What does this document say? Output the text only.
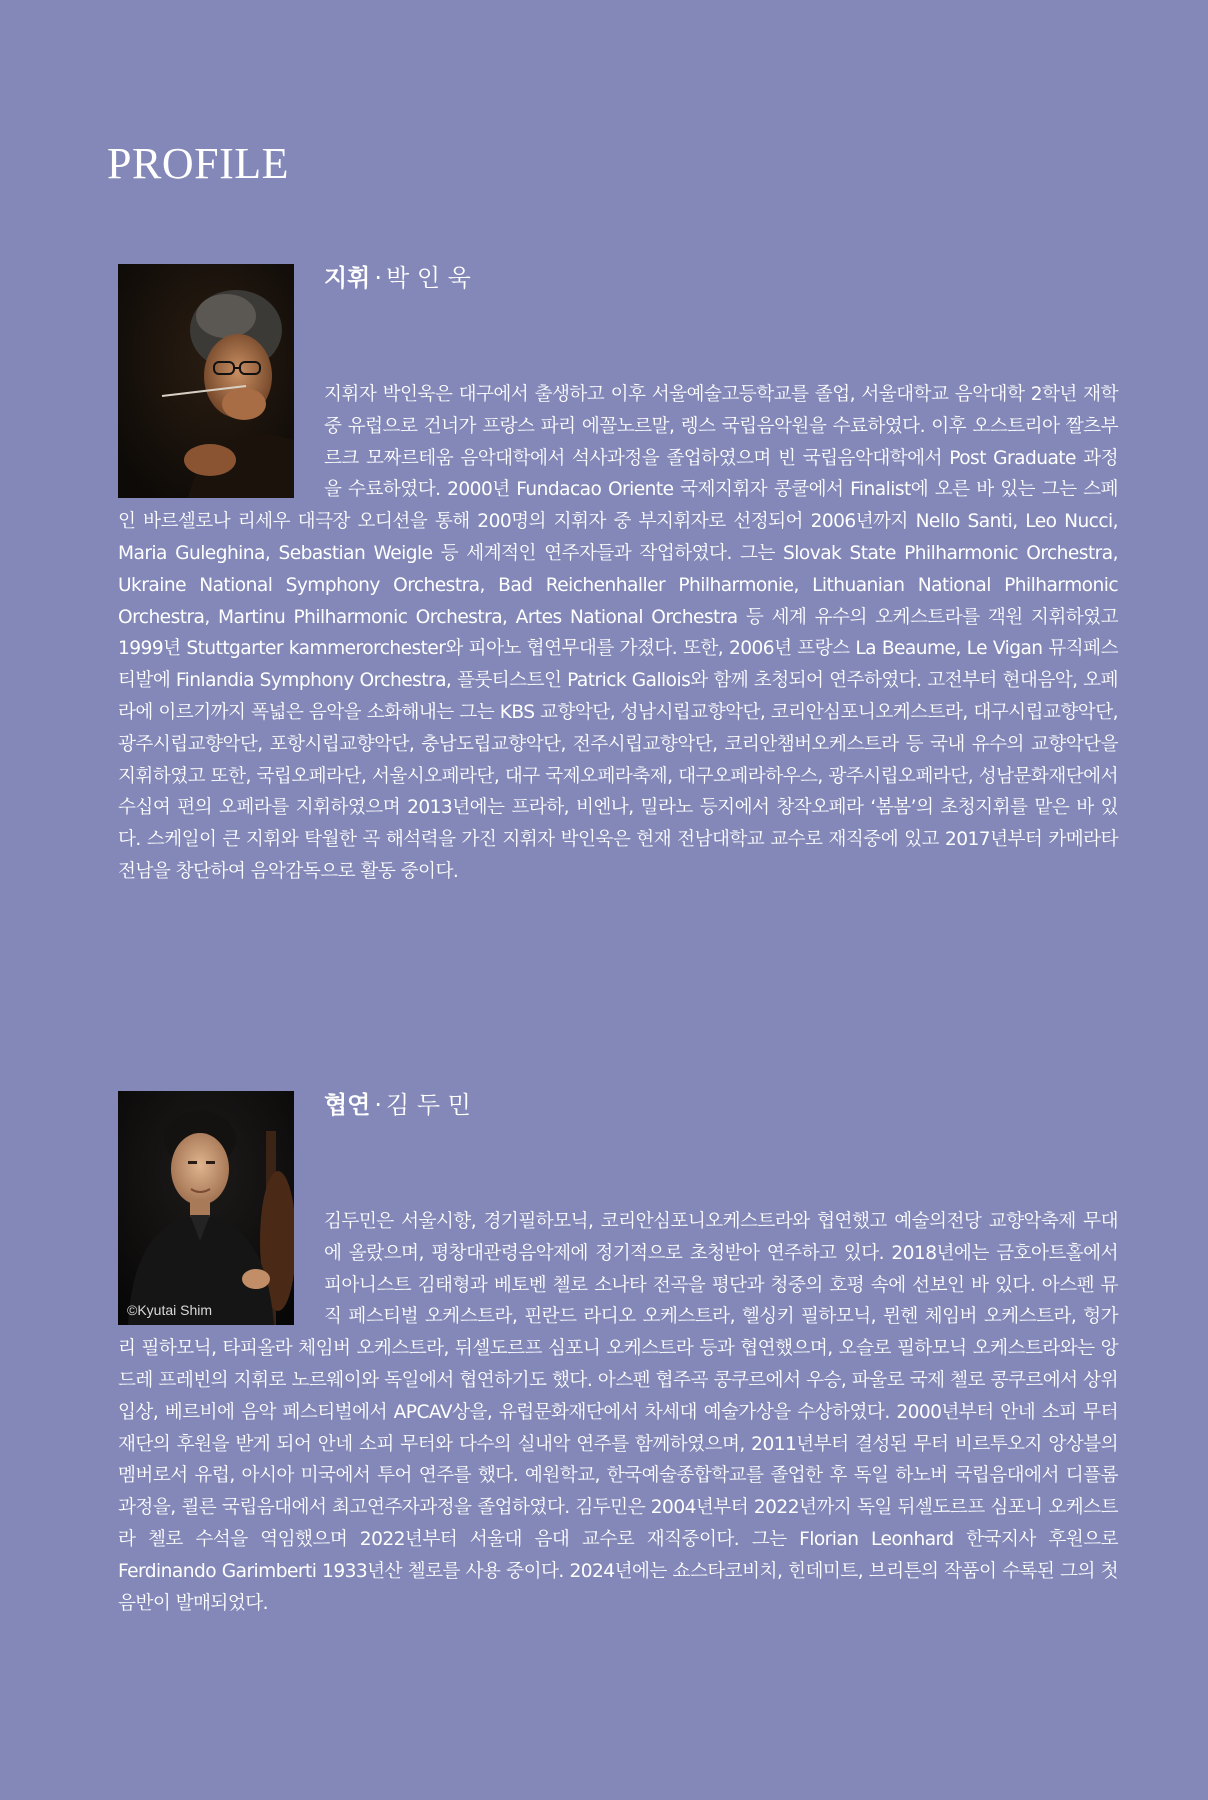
PROFILE
지휘 · 박 인 욱

지휘자 박인욱은 대구에서 출생하고 이후 서울예술고등학교를 졸업, 서울대학교 음악대학 2학년 재학 중 유럽으로 건너가 프랑스 파리 에꼴노르말, 렝스 국립음악원을 수료하였다. 이후 오스트리아 짤츠부르크 모짜르테움 음악대학에서 석사과정을 졸업하였으며 빈 국립음악대학에서 Post Graduate 과정을 수료하였다. 2000년 Fundacao Oriente 국제지휘자 콩쿨에서 Finalist에 오른 바 있는 그는 스페인 바르셀로나 리세우 대극장 오디션을 통해 200명의 지휘자 중 부지휘자로 선정되어 2006년까지 Nello Santi, Leo Nucci, Maria Guleghina, Sebastian Weigle 등 세계적인 연주자들과 작업하였다. 그는 Slovak State Philharmonic Orchestra, Ukraine National Symphony Orchestra, Bad Reichenhaller Philharmonie, Lithuanian National Philharmonic Orchestra, Martinu Philharmonic Orchestra, Artes National Orchestra 등 세계 유수의 오케스트라를 객원 지휘하였고 1999년 Stuttgarter kammerorchester와 피아노 협연무대를 가졌다. 또한, 2006년 프랑스 La Beaume, Le Vigan 뮤직페스티발에 Finlandia Symphony Orchestra, 플룻티스트인 Patrick Gallois와 함께 초청되어 연주하였다. 고전부터 현대음악, 오페라에 이르기까지 폭넓은 음악을 소화해내는 그는 KBS 교향악단, 성남시립교향악단, 코리안심포니오케스트라, 대구시립교향악단, 광주시립교향악단, 포항시립교향악단, 충남도립교향악단, 전주시립교향악단, 코리안챔버오케스트라 등 국내 유수의 교향악단을 지휘하였고 또한, 국립오페라단, 서울시오페라단, 대구 국제오페라축제, 대구오페라하우스, 광주시립오페라단, 성남문화재단에서 수십여 편의 오페라를 지휘하였으며 2013년에는 프라하, 비엔나, 밀라노 등지에서 창작오페라 ‘봄봄’의 초청지휘를 맡은 바 있다. 스케일이 큰 지휘와 탁월한 곡 해석력을 가진 지휘자 박인욱은 현재 전남대학교 교수로 재직중에 있고 2017년부터 카메라타 전남을 창단하여 음악감독으로 활동 중이다.

©Kyutai Shim
협연 · 김 두 민

김두민은 서울시향, 경기필하모닉, 코리안심포니오케스트라와 협연했고 예술의전당 교향악축제 무대에 올랐으며, 평창대관령음악제에 정기적으로 초청받아 연주하고 있다. 2018년에는 금호아트홀에서 피아니스트 김태형과 베토벤 첼로 소나타 전곡을 평단과 청중의 호평 속에 선보인 바 있다. 아스펜 뮤직 페스티벌 오케스트라, 핀란드 라디오 오케스트라, 헬싱키 필하모닉, 뮌헨 체임버 오케스트라, 헝가리 필하모닉, 타피올라 체임버 오케스트라, 뒤셀도르프 심포니 오케스트라 등과 협연했으며, 오슬로 필하모닉 오케스트라와는 앙드레 프레빈의 지휘로 노르웨이와 독일에서 협연하기도 했다. 아스펜 협주곡 콩쿠르에서 우승, 파울로 국제 첼로 콩쿠르에서 상위 입상, 베르비에 음악 페스티벌에서 APCAV상을, 유럽문화재단에서 차세대 예술가상을 수상하였다. 2000년부터 안네 소피 무터 재단의 후원을 받게 되어 안네 소피 무터와 다수의 실내악 연주를 함께하였으며, 2011년부터 결성된 무터 비르투오지 앙상블의 멤버로서 유럽, 아시아 미국에서 투어 연주를 했다. 예원학교, 한국예술종합학교를 졸업한 후 독일 하노버 국립음대에서 디플롬 과정을, 쾰른 국립음대에서 최고연주자과정을 졸업하였다. 김두민은 2004년부터 2022년까지 독일 뒤셀도르프 심포니 오케스트라 첼로 수석을 역임했으며 2022년부터 서울대 음대 교수로 재직중이다. 그는 Florian Leonhard 한국지사 후원으로 Ferdinando Garimberti 1933년산 첼로를 사용 중이다. 2024년에는 쇼스타코비치, 힌데미트, 브리튼의 작품이 수록된 그의 첫 음반이 발매되었다.
